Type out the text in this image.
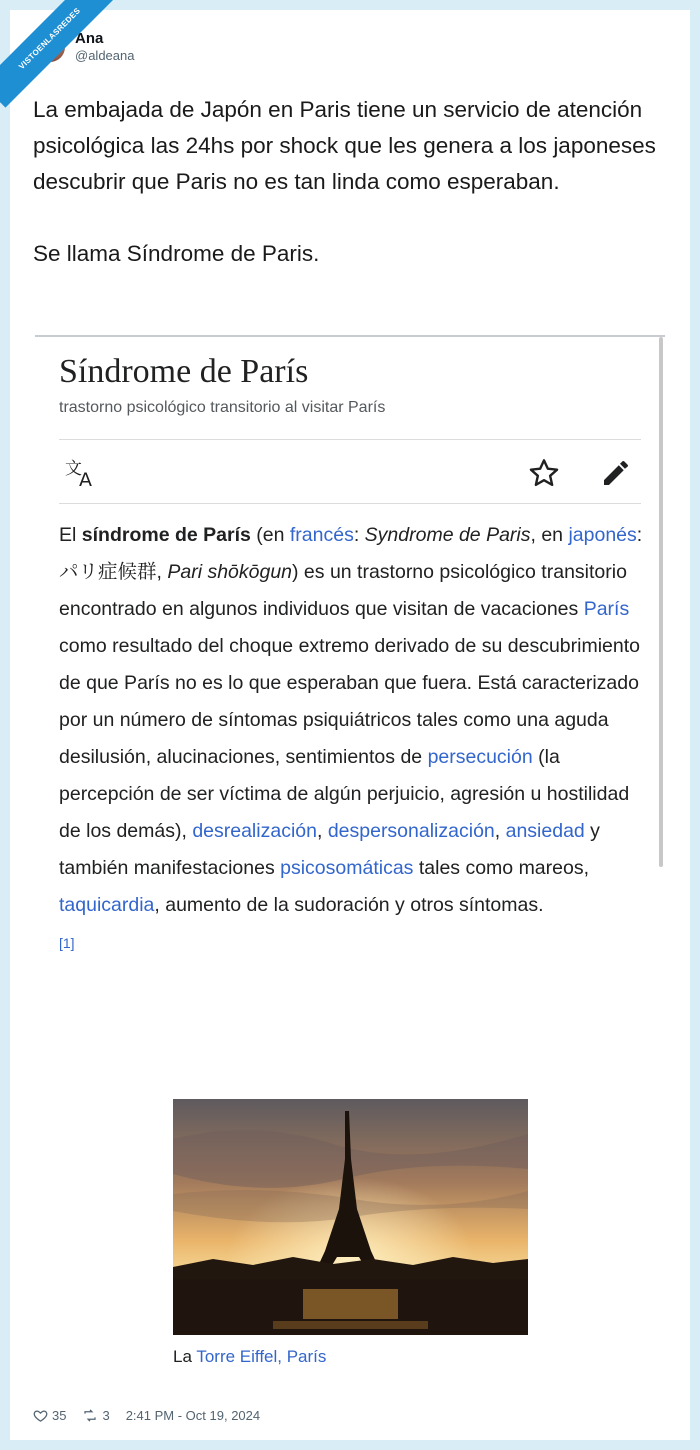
VISTOENLASREDES
Ana
@aldeana

La embajada de Japón en Paris tiene un servicio de atención psicológica las 24hs por shock que les genera a los japoneses descubrir que Paris no es tan linda como esperaban.

Se llama Síndrome de Paris.

Síndrome de París
trastorno psicológico transitorio al visitar París
文
A
El síndrome de París (en francés: Syndrome de Paris, en japonés: パリ症候群, Pari shōkōgun) es un trastorno psicológico transitorio encontrado en algunos individuos que visitan de vacaciones París como resultado del choque extremo derivado de su descubrimiento de que París no es lo que esperaban que fuera. Está caracterizado por un número de síntomas psiquiátricos tales como una aguda desilusión, alucinaciones, sentimientos de persecución (la percepción de ser víctima de algún perjuicio, agresión u hostilidad de los demás), desrealización, despersonalización, ansiedad y también manifestaciones psicosomáticas tales como mareos, taquicardia, aumento de la sudoración y otros síntomas.
[1]
La Torre Eiffel, París
35	3 2:41 PM - Oct 19, 2024
